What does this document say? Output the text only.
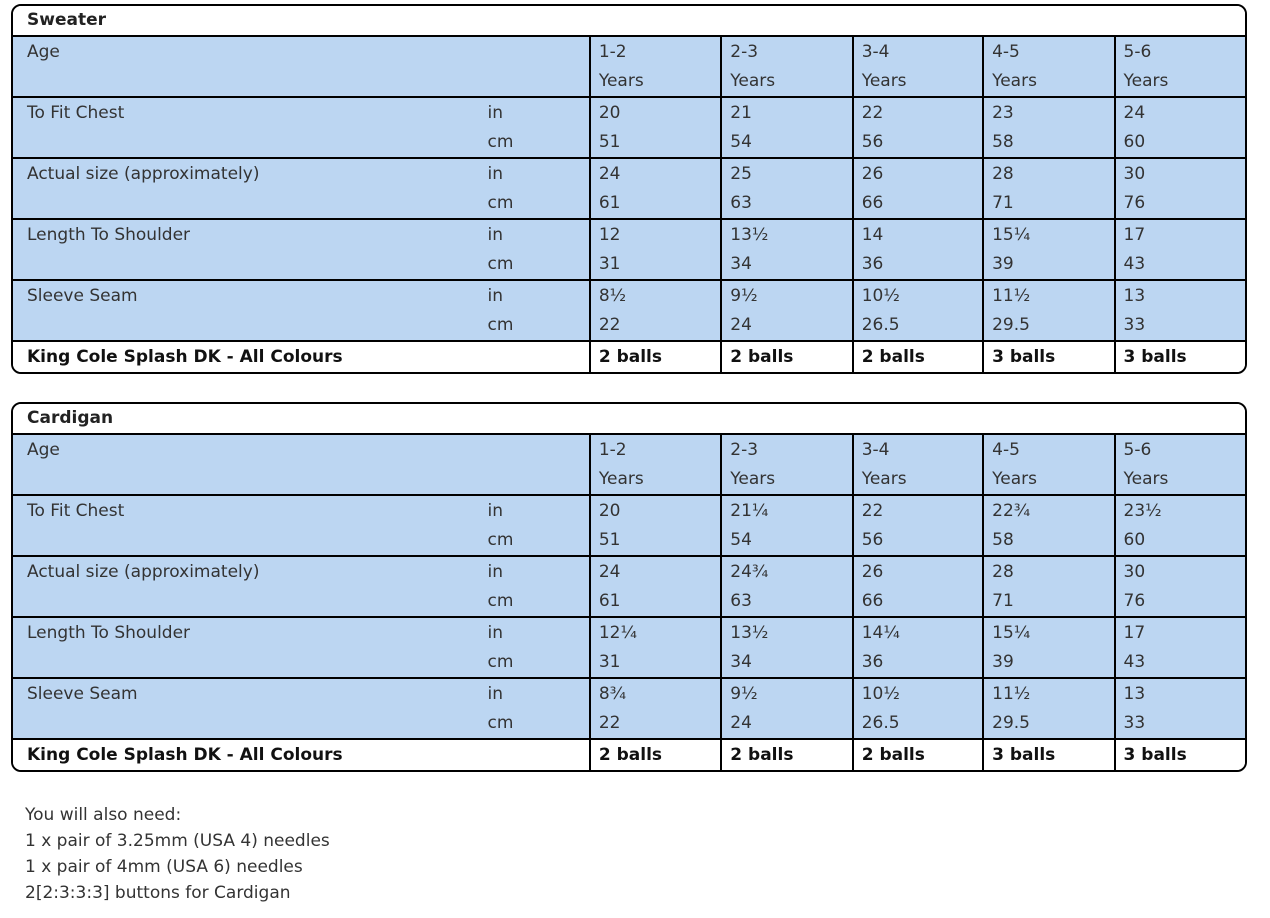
Sweater						
Age		1-2	2-3	3-4	4-5	5-6
		Years	Years	Years	Years	Years
To Fit Chest	in	20	21	22	23	24
	cm	51	54	56	58	60
Actual size (approximately)	in	24	25	26	28	30
	cm	61	63	66	71	76
Length To Shoulder	in	12	13½	14	15¼	17
	cm	31	34	36	39	43
Sleeve Seam	in	8½	9½	10½	11½	13
	cm	22	24	26.5	29.5	33
King Cole Splash DK - All Colours		2 balls	2 balls	2 balls	3 balls	3 balls
Cardigan						
Age		1-2	2-3	3-4	4-5	5-6
		Years	Years	Years	Years	Years
To Fit Chest	in	20	21¼	22	22¾	23½
	cm	51	54	56	58	60
Actual size (approximately)	in	24	24¾	26	28	30
	cm	61	63	66	71	76
Length To Shoulder	in	12¼	13½	14¼	15¼	17
	cm	31	34	36	39	43
Sleeve Seam	in	8¾	9½	10½	11½	13
	cm	22	24	26.5	29.5	33
King Cole Splash DK - All Colours		2 balls	2 balls	2 balls	3 balls	3 balls
You will also need:
1 x pair of 3.25mm (USA 4) needles
1 x pair of 4mm (USA 6) needles
2[2:3:3:3] buttons for Cardigan
